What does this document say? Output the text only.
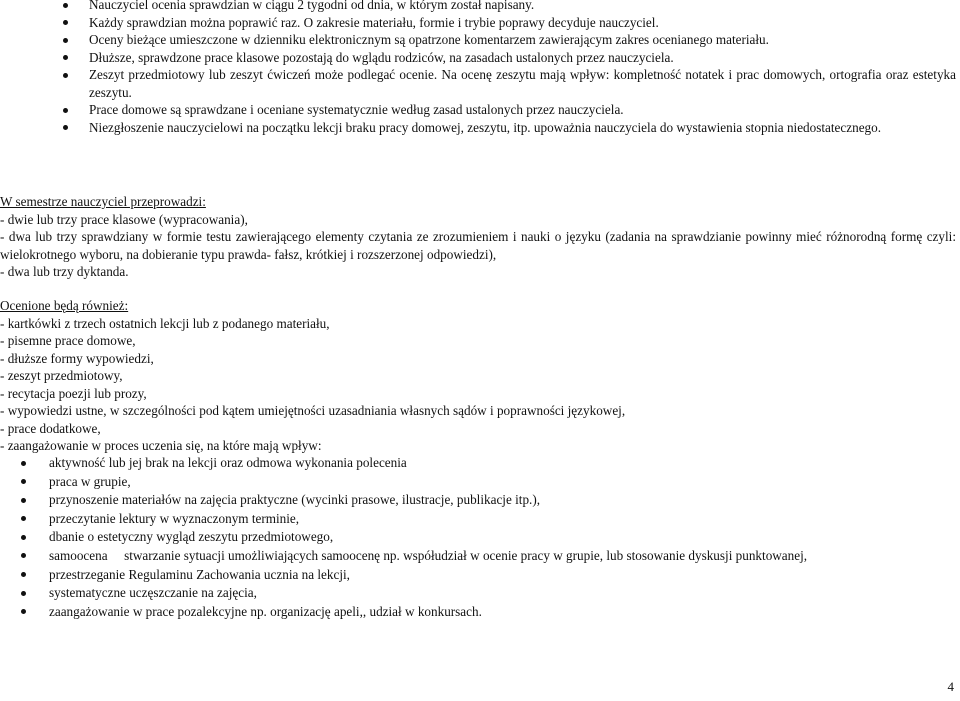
Nauczyciel ocenia sprawdzian w ciągu 2 tygodni od dnia, w którym został napisany.
Każdy sprawdzian można poprawić raz. O zakresie materiału, formie i trybie poprawy decyduje nauczyciel.
Oceny bieżące umieszczone w dzienniku elektronicznym są opatrzone komentarzem zawierającym zakres ocenianego materiału.
Dłuższe, sprawdzone prace klasowe pozostają do wglądu rodziców, na zasadach ustalonych przez nauczyciela.
Zeszyt przedmiotowy lub zeszyt ćwiczeń może podlegać ocenie. Na ocenę zeszytu mają wpływ: kompletność notatek i prac domowych, ortografia oraz estetyka zeszytu.
Prace domowe są sprawdzane i oceniane systematycznie według zasad ustalonych przez nauczyciela.
Niezgłoszenie nauczycielowi na początku lekcji braku pracy domowej, zeszytu, itp. upoważnia nauczyciela do wystawienia stopnia niedostatecznego.
W semestrze nauczyciel przeprowadzi:
- dwie lub trzy prace klasowe (wypracowania),
- dwa lub trzy sprawdziany w formie testu zawierającego elementy czytania ze zrozumieniem i nauki o języku (zadania na sprawdzianie powinny mieć różnorodną formę czyli: wielokrotnego wyboru, na dobieranie typu prawda- fałsz, krótkiej i rozszerzonej odpowiedzi),
- dwa lub trzy dyktanda.
Ocenione będą również:
- kartkówki z trzech ostatnich lekcji lub z podanego materiału,
- pisemne prace domowe,
- dłuższe formy wypowiedzi,
- zeszyt przedmiotowy,
- recytacja poezji lub prozy,
- wypowiedzi ustne, w szczególności pod kątem umiejętności uzasadniania własnych sądów i poprawności językowej,
- prace dodatkowe,
- zaangażowanie w proces uczenia się, na które mają wpływ:
aktywność lub jej brak na lekcji oraz odmowa wykonania polecenia
praca w grupie,
przynoszenie materiałów na zajęcia praktyczne (wycinki prasowe, ilustracje, publikacje itp.),
przeczytanie lektury w wyznaczonym terminie,
dbanie o estetyczny wygląd zeszytu przedmiotowego,
samoocena     stwarzanie sytuacji umożliwiających samoocenę np. współudział w ocenie pracy w grupie, lub stosowanie dyskusji punktowanej,
przestrzeganie Regulaminu Zachowania ucznia na lekcji,
systematyczne uczęszczanie na zajęcia,
zaangażowanie w prace pozalekcyjne np. organizację apeli,, udział w konkursach.
4
